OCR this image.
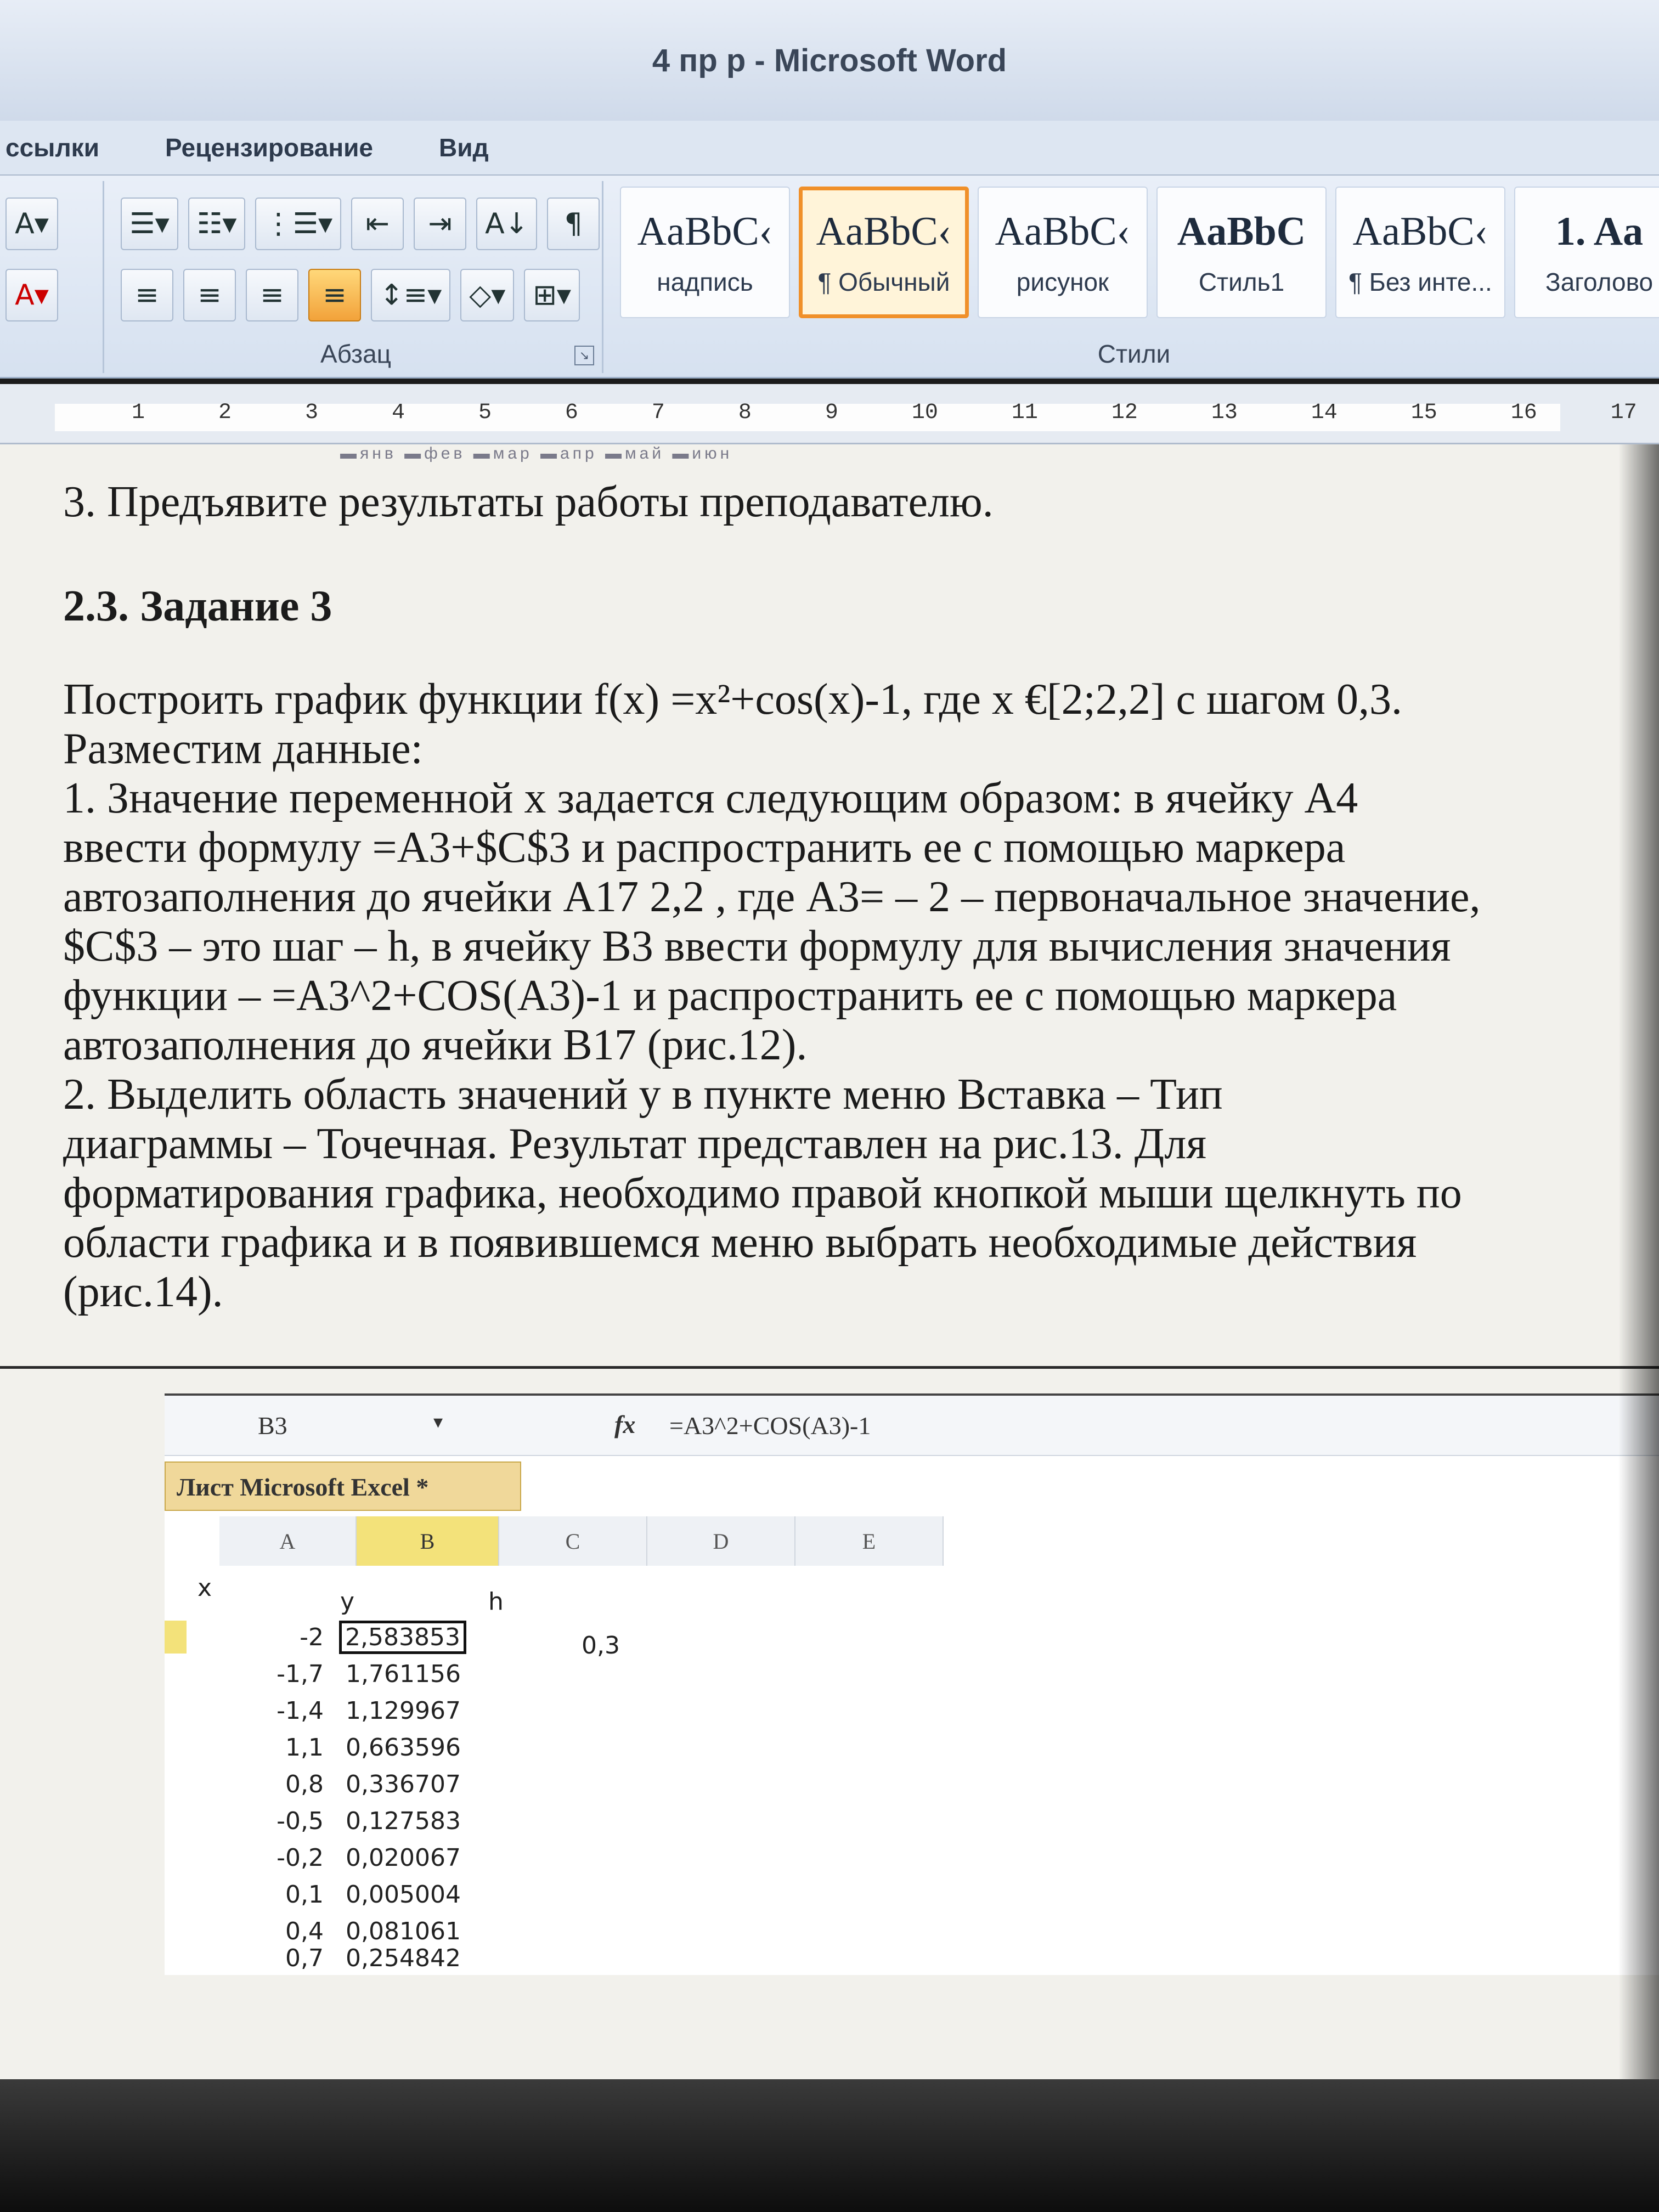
4 пр р - Microsoft Word
ссылки	Рецензирование	Вид
A▾
A▾
☰▾ ☷▾ ⋮☰▾	⇤	⇥	A↓	¶
≡	≡	≡	≡	↕≡▾ ◇▾ ⊞▾
Абзац	↘
AaBbC‹
надпись
AaBbC‹
¶ Обычный
AaBbC‹
рисунок
AaBbC
Стиль1
AaBbC‹
¶ Без инте...
1. Aa
Заголово
Стили
1	2	3	4	5	6	7	8	9	10	11	12	13	14	15	16	17
▬янв ▬фев ▬мар ▬апр ▬май ▬июн
3. Предъявите результаты работы преподавателю.
2.3. Задание 3
Построить график функции f(x) =x²+cos(x)-1, где x €[2;2,2] с шагом 0,3.
Разместим данные:
1. Значение переменной x задается следующим образом: в ячейку А4
ввести формулу =А3+$C$3 и распространить ее с помощью маркера
автозаполнения до ячейки А17 2,2 , где А3= – 2 – первоначальное значение,
$C$3 – это шаг – h, в ячейку В3 ввести формулу для вычисления значения
функции – =А3^2+COS(A3)-1 и распространить ее с помощью маркера
автозаполнения до ячейки В17 (рис.12).
2. Выделить область значений y в пункте меню Вставка – Тип
диаграммы – Точечная. Результат представлен на рис.13. Для
форматирования графика, необходимо правой кнопкой мыши щелкнуть по
области графика и в появившемся меню выбрать необходимые действия
(рис.14).
B3	▾	fx =A3^2+COS(A3)-1
Лист Microsoft Excel *
A	B	C	D	E
x	y	h
0,3
-2 2,583853
-1,7 1,761156
-1,4 1,129967
1,1 0,663596
0,8 0,336707
-0,5 0,127583
-0,2 0,020067
0,1 0,005004
0,4 0,081061
0,7 0,254842
